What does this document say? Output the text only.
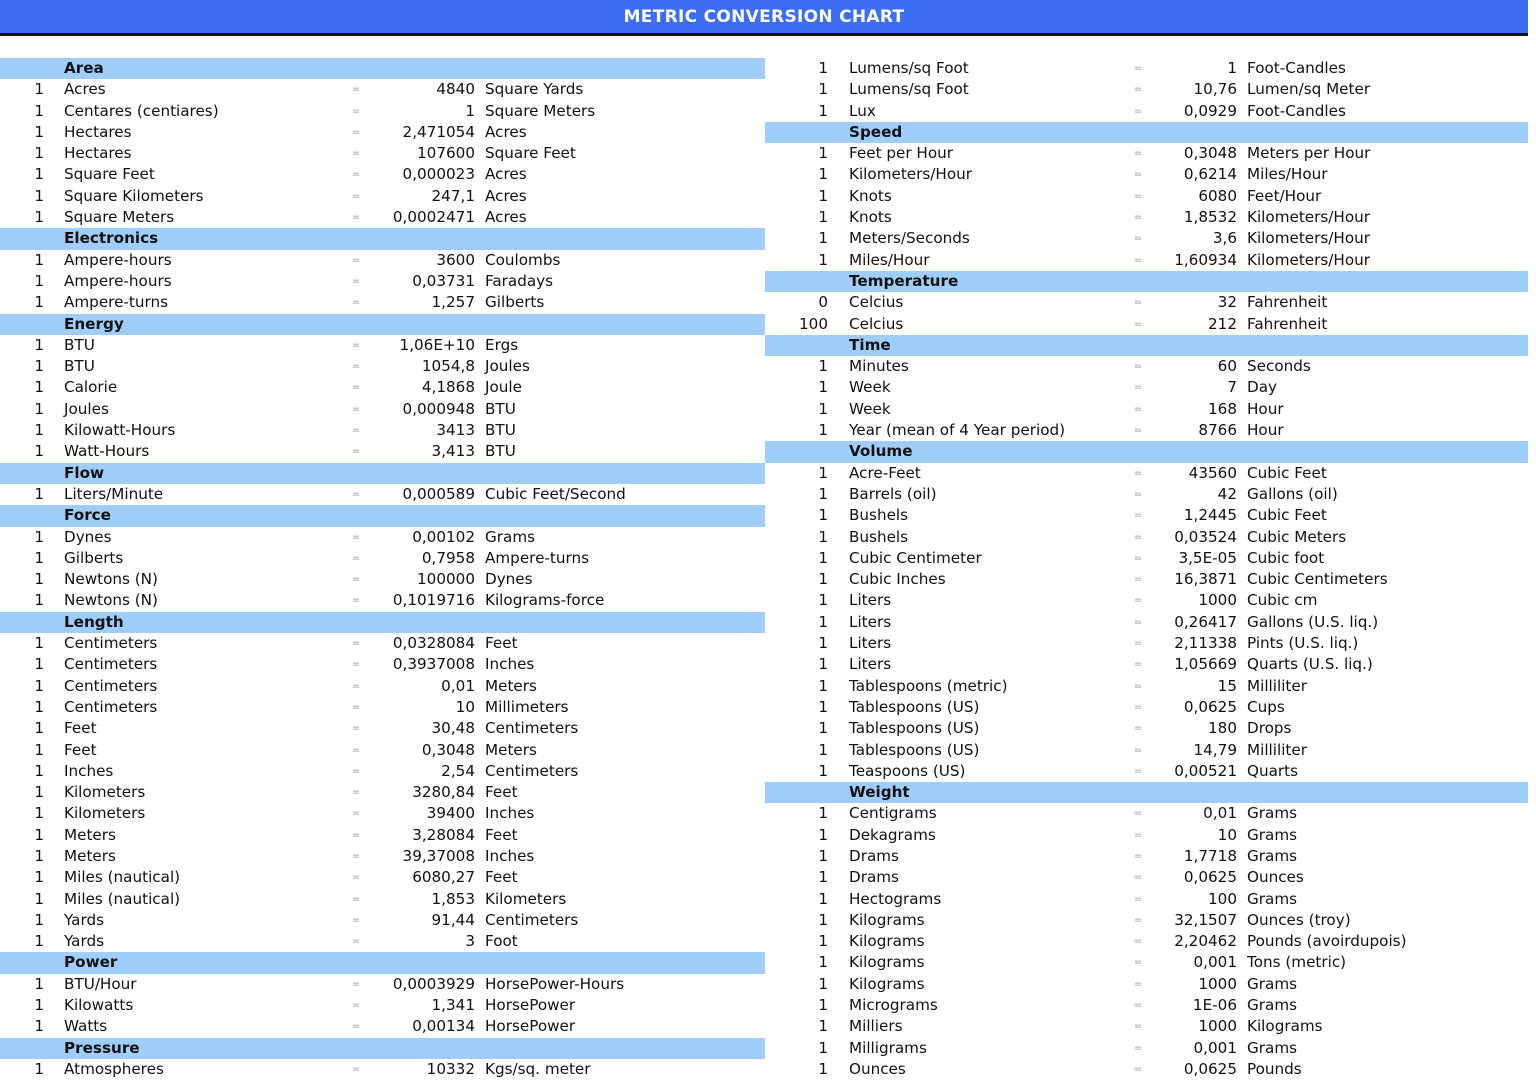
METRIC CONVERSION CHART
Area
1 Acres	=	4840 Square Yards
1 Centares (centiares)	=	1 Square Meters
1 Hectares	=	2,471054 Acres
1 Hectares	=	107600 Square Feet
1 Square Feet	=	0,000023 Acres
1 Square Kilometers	=	247,1 Acres
1 Square Meters	=	0,0002471 Acres
Electronics
1 Ampere-hours	=	3600 Coulombs
1 Ampere-hours	=	0,03731 Faradays
1 Ampere-turns	=	1,257 Gilberts
Energy
1 BTU	=	1,06E+10 Ergs
1 BTU	=	1054,8 Joules
1 Calorie	=	4,1868 Joule
1 Joules	=	0,000948 BTU
1 Kilowatt-Hours	=	3413 BTU
1 Watt-Hours	=	3,413 BTU
Flow
1 Liters/Minute	=	0,000589 Cubic Feet/Second
Force
1 Dynes	=	0,00102 Grams
1 Gilberts	=	0,7958 Ampere-turns
1 Newtons (N)	=	100000 Dynes
1 Newtons (N)	=	0,1019716 Kilograms-force
Length
1 Centimeters	=	0,0328084 Feet
1 Centimeters	=	0,3937008 Inches
1 Centimeters	=	0,01 Meters
1 Centimeters	=	10 Millimeters
1 Feet	=	30,48 Centimeters
1 Feet	=	0,3048 Meters
1 Inches	=	2,54 Centimeters
1 Kilometers	=	3280,84 Feet
1 Kilometers	=	39400 Inches
1 Meters	=	3,28084 Feet
1 Meters	=	39,37008 Inches
1 Miles (nautical)	=	6080,27 Feet
1 Miles (nautical)	=	1,853 Kilometers
1 Yards	=	91,44 Centimeters
1 Yards	=	3 Foot
Power
1 BTU/Hour	=	0,0003929 HorsePower-Hours
1 Kilowatts	=	1,341 HorsePower
1 Watts	=	0,00134 HorsePower
Pressure
1 Atmospheres	=	10332 Kgs/sq. meter
1 Lumens/sq Foot	=	1 Foot-Candles
1 Lumens/sq Foot	=	10,76 Lumen/sq Meter
1 Lux	=	0,0929 Foot-Candles
Speed
1 Feet per Hour	=	0,3048 Meters per Hour
1 Kilometers/Hour	=	0,6214 Miles/Hour
1 Knots	=	6080 Feet/Hour
1 Knots	=	1,8532 Kilometers/Hour
1 Meters/Seconds	=	3,6 Kilometers/Hour
1 Miles/Hour	=	1,60934 Kilometers/Hour
Temperature
0 Celcius	=	32 Fahrenheit
100 Celcius	=	212 Fahrenheit
Time
1 Minutes	=	60 Seconds
1 Week	=	7 Day
1 Week	=	168 Hour
1 Year (mean of 4 Year period)	=	8766 Hour
Volume
1 Acre-Feet	=	43560 Cubic Feet
1 Barrels (oil)	=	42 Gallons (oil)
1 Bushels	=	1,2445 Cubic Feet
1 Bushels	=	0,03524 Cubic Meters
1 Cubic Centimeter	=	3,5E-05 Cubic foot
1 Cubic Inches	=	16,3871 Cubic Centimeters
1 Liters	=	1000 Cubic cm
1 Liters	=	0,26417 Gallons (U.S. liq.)
1 Liters	=	2,11338 Pints (U.S. liq.)
1 Liters	=	1,05669 Quarts (U.S. liq.)
1 Tablespoons (metric)	=	15 Milliliter
1 Tablespoons (US)	=	0,0625 Cups
1 Tablespoons (US)	=	180 Drops
1 Tablespoons (US)	=	14,79 Milliliter
1 Teaspoons (US)	=	0,00521 Quarts
Weight
1 Centigrams	=	0,01 Grams
1 Dekagrams	=	10 Grams
1 Drams	=	1,7718 Grams
1 Drams	=	0,0625 Ounces
1 Hectograms	=	100 Grams
1 Kilograms	=	32,1507 Ounces (troy)
1 Kilograms	=	2,20462 Pounds (avoirdupois)
1 Kilograms	=	0,001 Tons (metric)
1 Kilograms	=	1000 Grams
1 Micrograms	=	1E-06 Grams
1 Milliers	=	1000 Kilograms
1 Milligrams	=	0,001 Grams
1 Ounces	=	0,0625 Pounds
